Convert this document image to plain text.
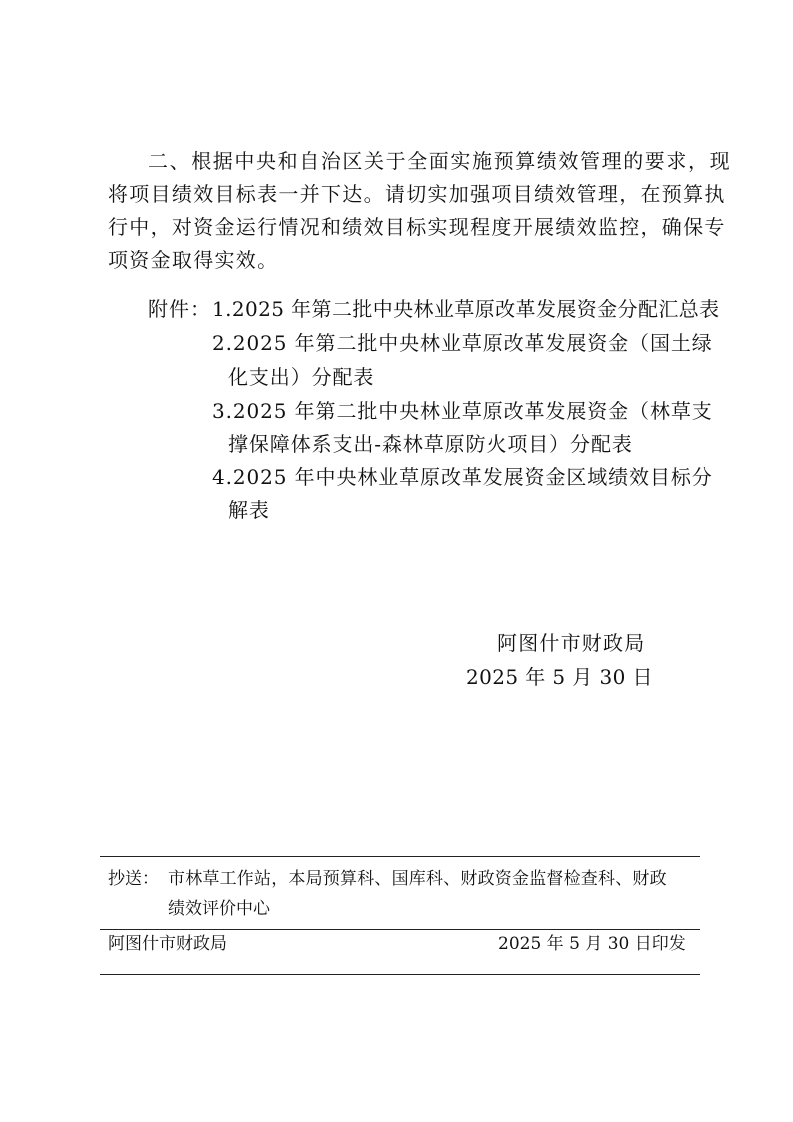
二、根据中央和自治区关于全面实施预算绩效管理的要求，现
将项目绩效目标表一并下达。请切实加强项目绩效管理，在预算执
行中，对资金运行情况和绩效目标实现程度开展绩效监控，确保专
项资金取得实效。
附件： 1.2025 年第二批中央林业草原改革发展资金分配汇总表
2.2025 年第二批中央林业草原改革发展资金（国土绿
化支出）分配表
3.2025 年第二批中央林业草原改革发展资金（林草支
撑保障体系支出-森林草原防火项目）分配表
4.2025 年中央林业草原改革发展资金区域绩效目标分
解表
阿图什市财政局
2025 年 5 月 30 日
抄送： 市林草工作站，本局预算科、国库科、财政资金监督检查科、财政
绩效评价中心
阿图什市财政局	2025 年 5 月 30 日印发
